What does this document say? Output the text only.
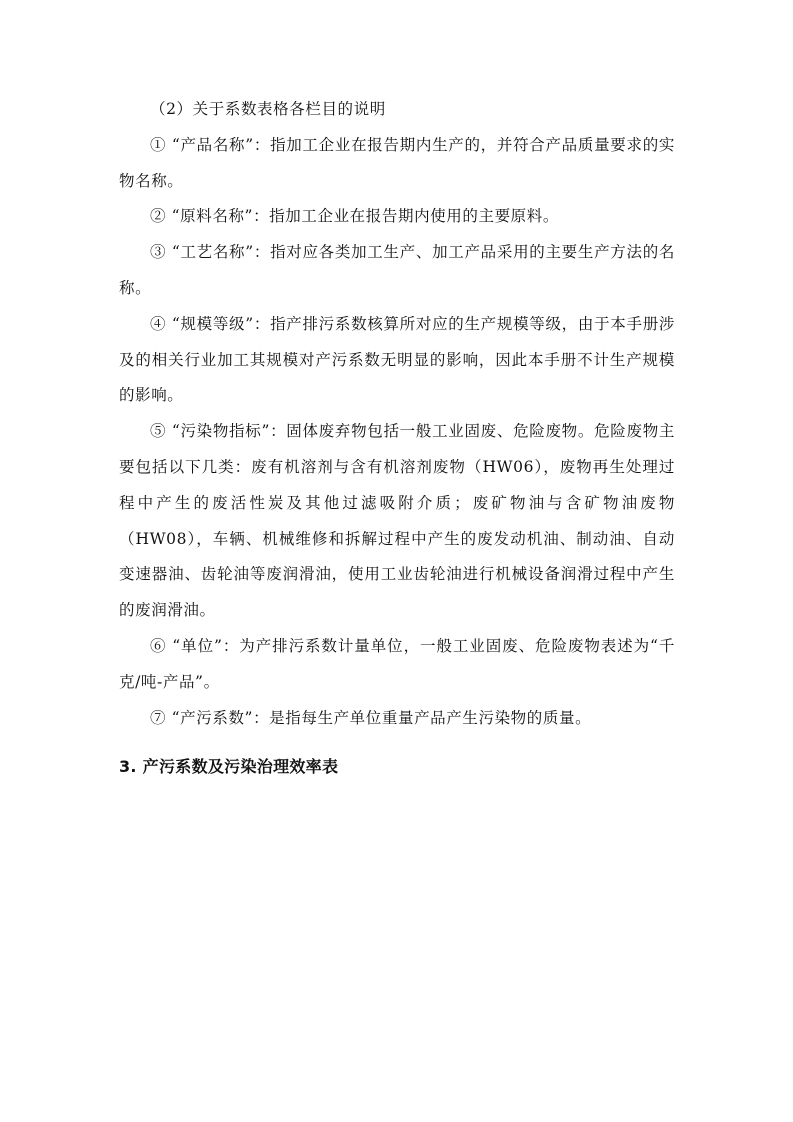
（2）关于系数表格各栏目的说明

① “产品名称”：指加工企业在报告期内生产的，并符合产品质量要求的实物名称。

② “原料名称”：指加工企业在报告期内使用的主要原料。

③ “工艺名称”：指对应各类加工生产、加工产品采用的主要生产方法的名称。

④ “规模等级”：指产排污系数核算所对应的生产规模等级，由于本手册涉及的相关行业加工其规模对产污系数无明显的影响，因此本手册不计生产规模的影响。

⑤ “污染物指标”：固体废弃物包括一般工业固废、危险废物。危险废物主要包括以下几类：废有机溶剂与含有机溶剂废物（HW06），废物再生处理过程中产生的废活性炭及其他过滤吸附介质；废矿物油与含矿物油废物（HW08），车辆、机械维修和拆解过程中产生的废发动机油、制动油、自动变速器油、齿轮油等废润滑油，使用工业齿轮油进行机械设备润滑过程中产生的废润滑油。

⑥ “单位”：为产排污系数计量单位，一般工业固废、危险废物表述为“千克/吨-产品”。

⑦ “产污系数”：是指每生产单位重量产品产生污染物的质量。

3. 产污系数及污染治理效率表
